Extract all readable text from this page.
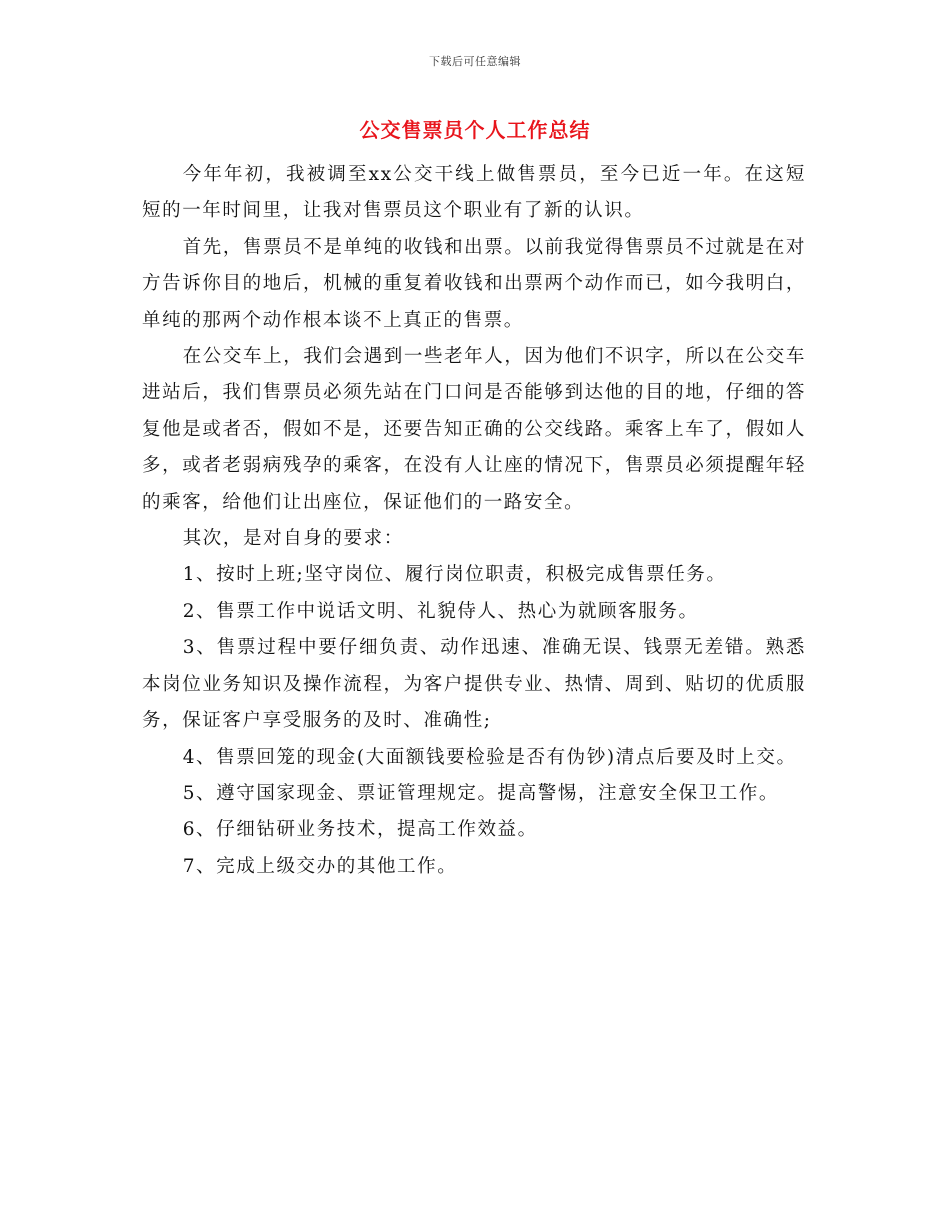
下载后可任意编辑
公交售票员个人工作总结

今年年初，我被调至xx公交干线上做售票员，至今已近一年。在这短短的一年时间里，让我对售票员这个职业有了新的认识。

首先，售票员不是单纯的收钱和出票。以前我觉得售票员不过就是在对方告诉你目的地后，机械的重复着收钱和出票两个动作而已，如今我明白，单纯的那两个动作根本谈不上真正的售票。

在公交车上，我们会遇到一些老年人，因为他们不识字，所以在公交车进站后，我们售票员必须先站在门口问是否能够到达他的目的地，仔细的答复他是或者否，假如不是，还要告知正确的公交线路。乘客上车了，假如人多，或者老弱病残孕的乘客，在没有人让座的情况下，售票员必须提醒年轻的乘客，给他们让出座位，保证他们的一路安全。

其次，是对自身的要求：

1、按时上班;坚守岗位、履行岗位职责，积极完成售票任务。

2、售票工作中说话文明、礼貌侍人、热心为就顾客服务。

3、售票过程中要仔细负责、动作迅速、准确无误、钱票无差错。熟悉本岗位业务知识及操作流程，为客户提供专业、热情、周到、贴切的优质服务，保证客户享受服务的及时、准确性;

4、售票回笼的现金(大面额钱要检验是否有伪钞)清点后要及时上交。

5、遵守国家现金、票证管理规定。提高警惕，注意安全保卫工作。

6、仔细钻研业务技术，提高工作效益。

7、完成上级交办的其他工作。
